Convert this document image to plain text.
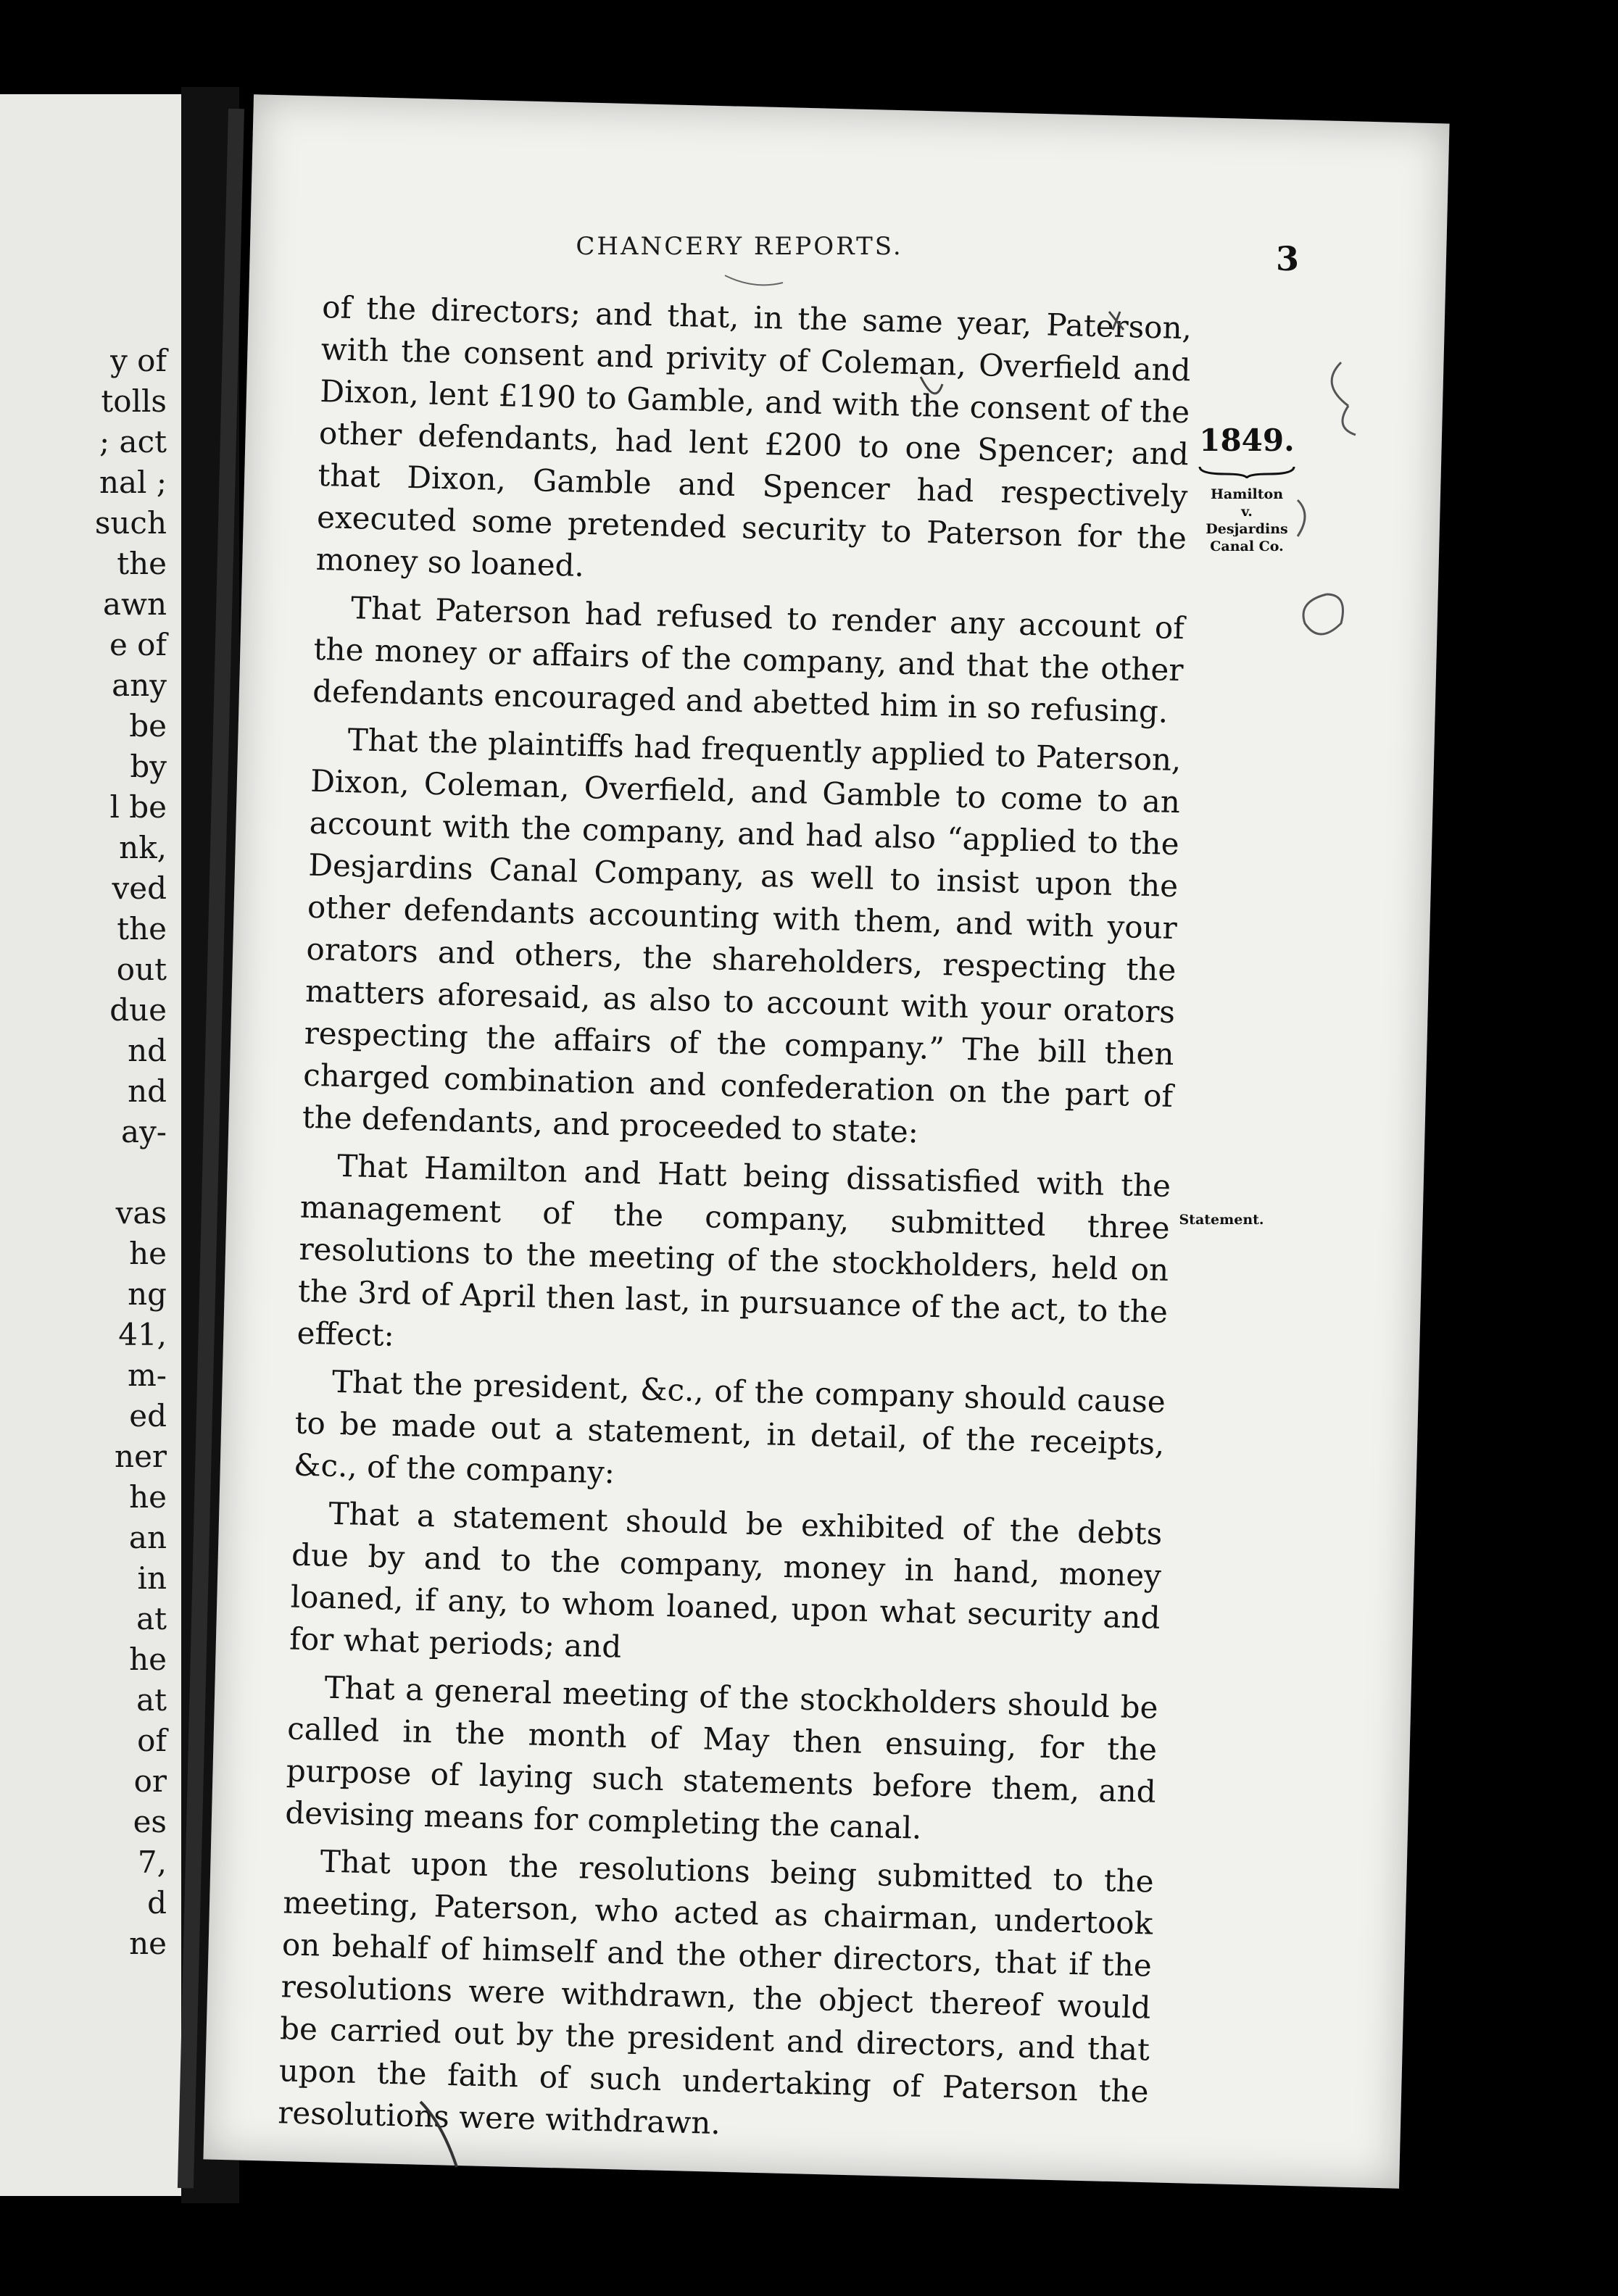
y of
tolls
; act
nal ;
such
the
awn
e of
any
be
by
l be
nk,
ved
the
out
due
nd
nd
ay-
vas
he
ng
41,
m-
ed
ner
he
an
in
at
he
at
of
or
es
7,
d
ne
CHANCERY REPORTS.	3
1849.
Hamilton
v.
Desjardins
Canal Co.
Statement.

of the directors; and that, in the same year, Paterson, with the consent and privity of Coleman, Overfield and Dixon, lent £190 to Gamble, and with the consent of the other defendants, had lent £200 to one Spencer; and that Dixon, Gamble and Spencer had respectively executed some pretended security to Paterson for the money so loaned.

That Paterson had refused to render any account of the money or affairs of the company, and that the other defendants encouraged and abetted him in so refusing.

That the plaintiffs had frequently applied to Paterson, Dixon, Coleman, Overfield, and Gamble to come to an account with the company, and had also “applied to the Desjardins Canal Company, as well to insist upon the other defendants accounting with them, and with your orators and others, the shareholders, respecting the matters aforesaid, as also to account with your orators respecting the affairs of the company.” The bill then charged combination and confederation on the part of the defendants, and proceeded to state:

That Hamilton and Hatt being dissatisfied with the management of the company, submitted three resolutions to the meeting of the stockholders, held on the 3rd of April then last, in pursuance of the act, to the effect:

That the president, &c., of the company should cause to be made out a statement, in detail, of the receipts, &c., of the company:

That a statement should be exhibited of the debts due by and to the company, money in hand, money loaned, if any, to whom loaned, upon what security and for what periods; and

That a general meeting of the stockholders should be called in the month of May then ensuing, for the purpose of laying such statements before them, and devising means for completing the canal.

That upon the resolutions being submitted to the meeting, Paterson, who acted as chairman, undertook on behalf of himself and the other directors, that if the resolutions were withdrawn, the object thereof would be carried out by the president and directors, and that upon the faith of such undertaking of Paterson the resolutions were withdrawn.
